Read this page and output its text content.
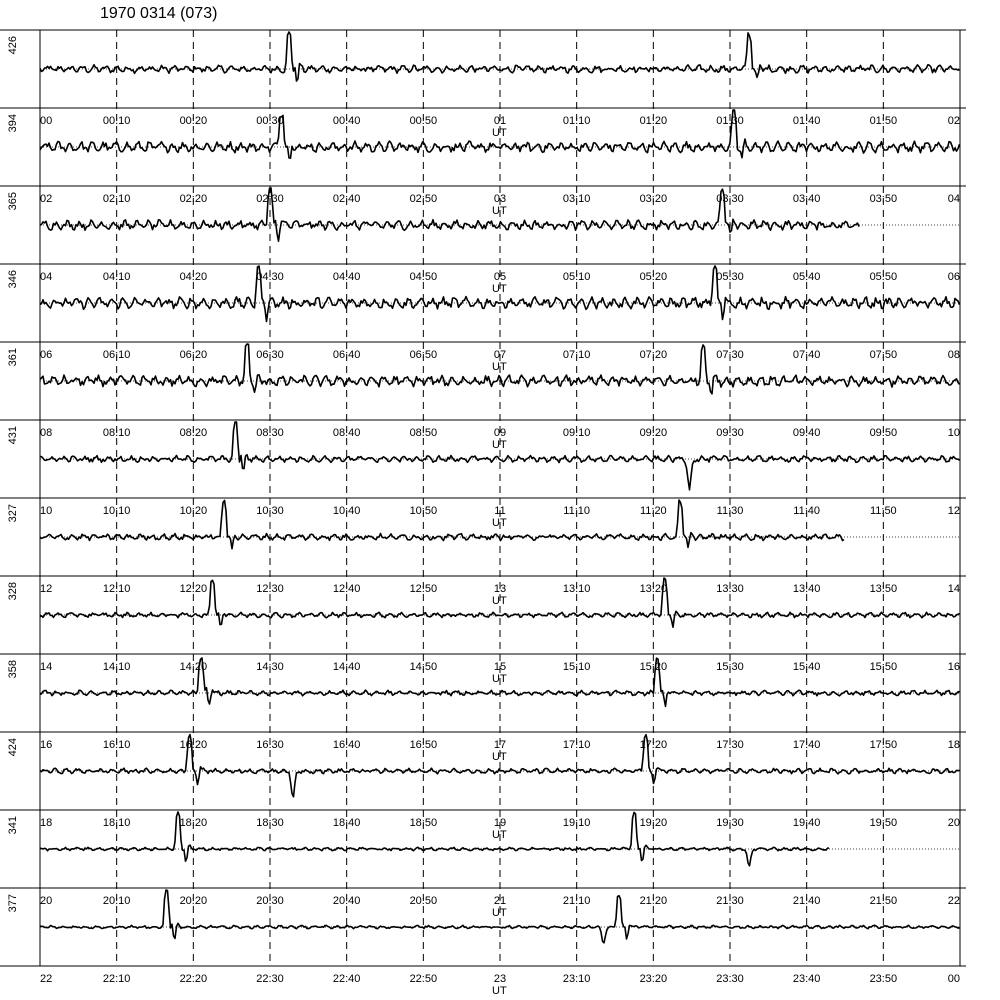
1970 0314 (073)
426
00	00:10	00:20	00:30	00:40	00:50	01	01:10	01:20	01:30	01:40	01:50	02
UT
394
02	02:10	02:20	02:30	02:40	02:50	03	03:10	03:20	03:30	03:40	03:50	04
UT
365
04	04:10	04:20	04:30	04:40	04:50	05	05:10	05:20	05:30	05:40	05:50	06
UT
346
06	06:10	06:20	06:30	06:40	06:50	07	07:10	07:20	07:30	07:40	07:50	08
UT
361
08	08:10	08:20	08:30	08:40	08:50	09	09:10	09:20	09:30	09:40	09:50	10
UT
431
10	10:10	10:20	10:30	10:40	10:50	11	11:10	11:20	11:30	11:40	11:50	12
UT
327
12	12:10	12:20	12:30	12:40	12:50	13	13:10	13:20	13:30	13:40	13:50	14
UT
328
14	14:10	14:20	14:30	14:40	14:50	15	15:10	15:20	15:30	15:40	15:50	16
UT
358
16	16:10	16:20	16:30	16:40	16:50	17	17:10	17:20	17:30	17:40	17:50	18
UT
424
18	18:10	18:20	18:30	18:40	18:50	19	19:10	19:20	19:30	19:40	19:50	20
UT
341
20	20:10	20:20	20:30	20:40	20:50	21	21:10	21:20	21:30	21:40	21:50	22
UT
377
22	22:10	22:20	22:30	22:40	22:50	23	23:10	23:20	23:30	23:40	23:50	00
UT
